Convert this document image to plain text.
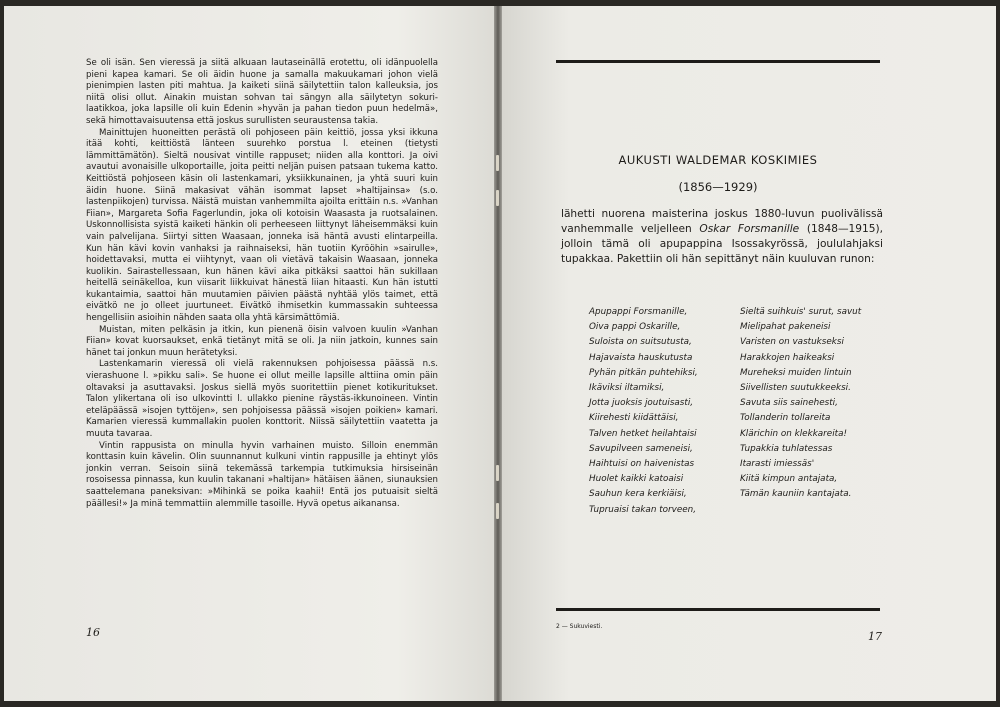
Se oli isän. Sen vieressä ja siitä alkuaan lautaseinällä erotettu, oli idänpuolella pieni kapea kamari. Se oli äidin huone ja samalla makuukamari johon vielä pienimpien lasten piti mahtua. Ja kaiketi siinä säilytettiin talon kalleuksia, jos niitä olisi ollut. Ainakin muistan sohvan tai sängyn alla säilytetyn sokuri-laatikkoa, joka lapsille oli kuin Edenin »hyvän ja pahan tiedon puun hedelmä», sekä himottavaisuutensa että joskus surullisten seuraustensa takia.

Mainittujen huoneitten perästä oli pohjoseen päin keittiö, jossa yksi ikkuna itää kohti, keittiöstä länteen suurehko porstua l. eteinen (tietysti lämmittämätön). Sieltä nousivat vintille rappuset; niiden alla konttori. Ja oivi avautui avonaisille ulkoportaille, joita peitti neljän puisen patsaan tukema katto. Keittiöstä pohjoseen käsin oli lastenkamari, yksiikkunainen, ja yhtä suuri kuin äidin huone. Siinä makasivat vähän isommat lapset »haltijainsa» (s.o. lastenpiikojen) turvissa. Näistä muistan vanhemmilta ajoilta erittäin n.s. »Vanhan Fiian», Margareta Sofia Fagerlundin, joka oli kotoisin Waasasta ja ruotsalainen. Uskonnollisista syistä kaiketi hänkin oli perheeseen liittynyt läheisemmäksi kuin vain palvelijana. Siirtyi sitten Waasaan, jonneka isä häntä avusti elintarpeilla. Kun hän kävi kovin vanhaksi ja raihnaiseksi, hän tuotiin Kyrööhin »sairulle», hoidettavaksi, mutta ei viihtynyt, vaan oli vietävä takaisin Waasaan, jonneka kuolikin. Sairastellessaan, kun hänen kävi aika pitkäksi saattoi hän sukillaan heitellä seinäkelloa, kun viisarit liikkuivat hänestä liian hitaasti. Kun hän istutti kukantaimia, saattoi hän muutamien päivien päästä nyhtää ylös taimet, että eivätkö ne jo olleet juurtuneet. Eivätkö ihmisetkin kummassakin suhteessa hengellisiin asioihin nähden saata olla yhtä kärsimättömiä.

Muistan, miten pelkäsin ja itkin, kun pienenä öisin valvoen kuulin »Vanhan Fiian» kovat kuorsaukset, enkä tietänyt mitä se oli. Ja niin jatkoin, kunnes sain hänet tai jonkun muun herätetyksi.

Lastenkamarin vieressä oli vielä rakennuksen pohjoisessa päässä n.s. vierashuone l. »pikku sali». Se huone ei ollut meille lapsille alttiina omin päin oltavaksi ja asuttavaksi. Joskus siellä myös suoritettiin pienet kotikuritukset. Talon ylikertana oli iso ulkovintti l. ullakko pienine räystäs-ikkunoineen. Vintin eteläpäässä »isojen tyttöjen», sen pohjoisessa päässä »isojen poikien» kamari. Kamarien vieressä kummallakin puolen konttorit. Niissä säilytettiin vaatetta ja muuta tavaraa.

Vintin rappusista on minulla hyvin varhainen muisto. Silloin enemmän konttasin kuin kävelin. Olin suunnannut kulkuni vintin rappusille ja ehtinyt ylös jonkin verran. Seisoin siinä tekemässä tarkempia tutkimuksia hirsiseinän rosoisessa pinnassa, kun kuulin takanani »haltijan» hätäisen äänen, siunauksien saattelemana paneksivan: »Mihinkä se poika kaahii! Entä jos putuaisit sieltä päällesi!» Ja minä temmattiin alemmille tasoille. Hyvä opetus aikanansa.

16
AUKUSTI WALDEMAR KOSKIMIES
(1856—1929)
lähetti nuorena maisterina joskus 1880-luvun puolivälissä vanhemmalle veljelleen Oskar Forsmanille (1848—1915), jolloin tämä oli apupappina Isossakyrössä, joululahjaksi tupakkaa. Pakettiin oli hän sepittänyt näin kuuluvan runon:
Apupappi Forsmanille,
Oiva pappi Oskarille,
Suloista on suitsutusta,
Hajavaista hauskutusta
Pyhän pitkän puhtehiksi,
Ikäviksi iltamiksi,
Jotta juoksis joutuisasti,
Kiirehesti kiidättäisi,
Talven hetket heilahtaisi
Savupilveen sameneisi,
Haihtuisi on haivenistas
Huolet kaikki katoaisi
Sauhun kera kerkiäisi,
Tupruaisi takan torveen,
Sieltä suihkuis' surut, savut
Mielipahat pakeneisi
Varisten on vastukseksi
Harakkojen haikeaksi
Mureheksi muiden lintuin
Siivellisten suutukkeeksi.
Savuta siis sainehesti,
Tollanderin tollareita
Klärichin on klekkareita!
Tupakkia tuhlatessas
Itarasti imiessäs'
Kiitä kimpun antajata,
Tämän kauniin kantajata.
2 — Sukuviesti.
17
